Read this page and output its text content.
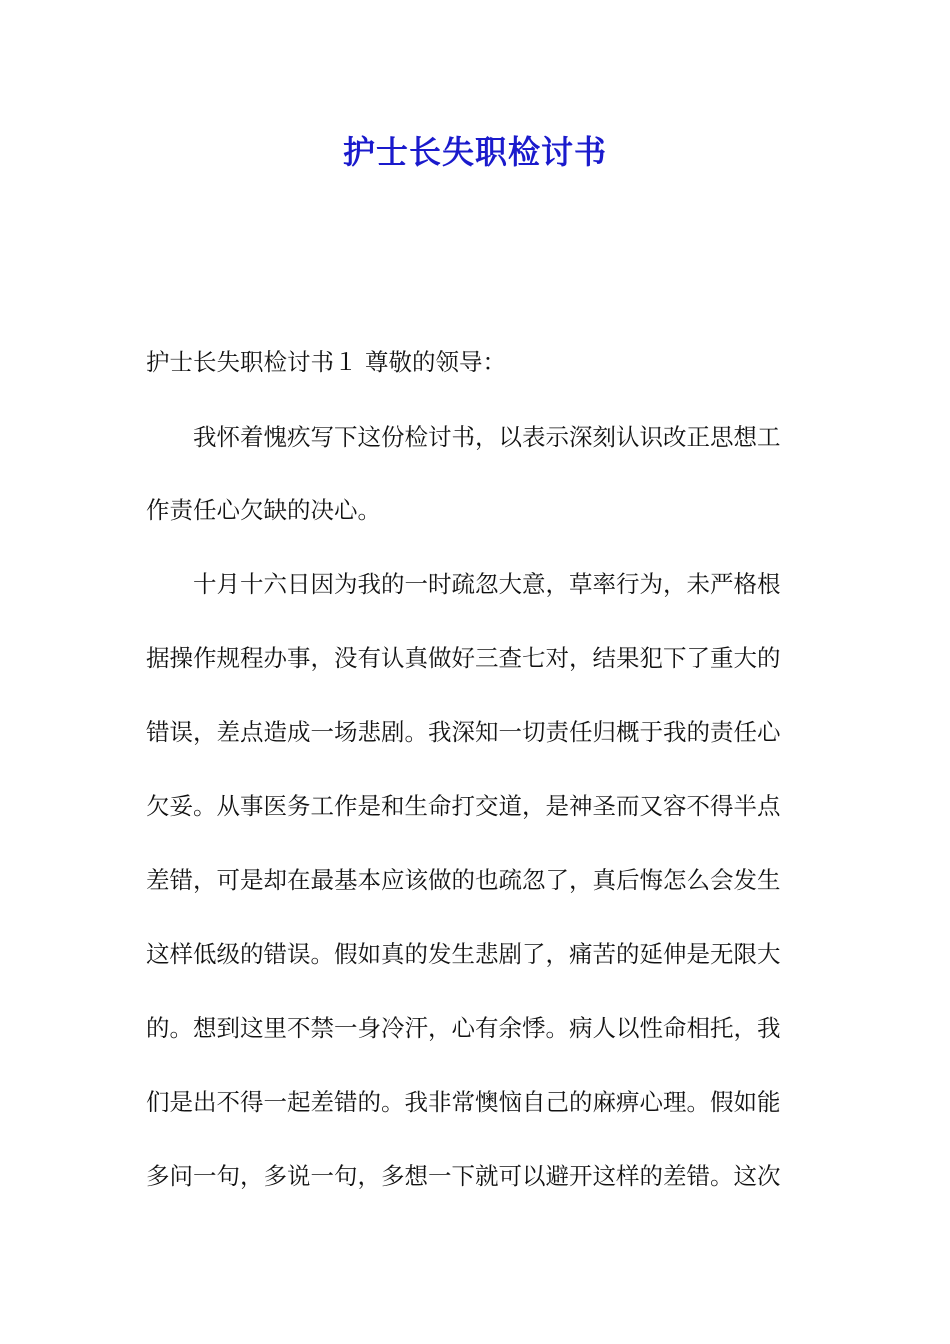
护士长失职检讨书
护士长失职检讨书１ 尊敬的领导：
我怀着愧疚写下这份检讨书，以表示深刻认识改正思想工
作责任心欠缺的决心。
十月十六日因为我的一时疏忽大意，草率行为，未严格根
据操作规程办事，没有认真做好三查七对，结果犯下了重大的
错误，差点造成一场悲剧。我深知一切责任归概于我的责任心
欠妥。从事医务工作是和生命打交道，是神圣而又容不得半点
差错，可是却在最基本应该做的也疏忽了，真后悔怎么会发生
这样低级的错误。假如真的发生悲剧了，痛苦的延伸是无限大
的。想到这里不禁一身冷汗，心有余悸。病人以性命相托，我
们是出不得一起差错的。我非常懊恼自己的麻痹心理。假如能
多问一句，多说一句，多想一下就可以避开这样的差错。这次
